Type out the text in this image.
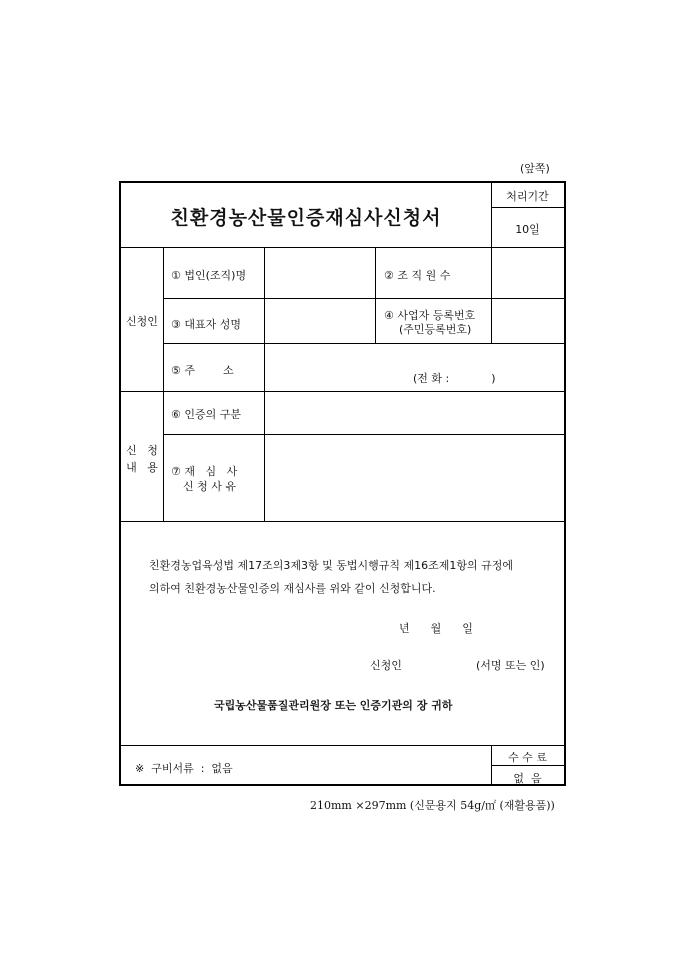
(앞쪽)
친환경농산물인증재심사신청서
처리기간
10일
신청인
① 법인(조직)명	② 조 직 원 수
③ 대표자 성명
④ 사업자 등록번호
(주민등록번호)
⑤ 주        소
(전 화 :            )
신   청
내   용
⑥ 인증의 구분
⑦ 재   심   사
신 청 사 유
친환경농업육성법 제17조의3제3항 및 동법시행규칙 제16조제1항의 규정에
의하여 친환경농산물인증의 재심사를 위와 같이 신청합니다.
년      월      일
신청인	(서명 또는 인)
국립농산물품질관리원장 또는 인증기관의 장 귀하
※  구비서류  :  없음
수 수 료
없  음
210mm ×297mm (신문용지 54g/㎡ (재활용품))
